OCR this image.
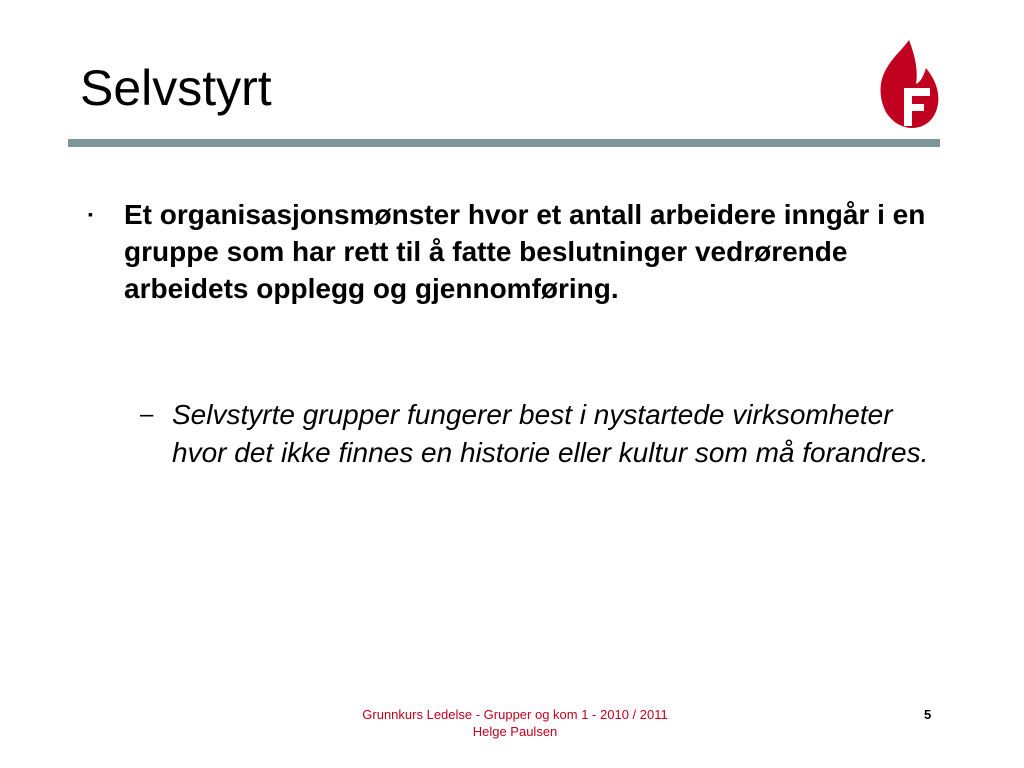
Selvstyrt
▪	Et organisasjonsmønster hvor et antall arbeidere inngår i en gruppe som har rett til å fatte beslutninger vedrørende arbeidets opplegg og gjennomføring.
– Selvstyrte grupper fungerer best i nystartede virksomheter hvor det ikke finnes en historie eller kultur som må forandres.
Grunnkurs Ledelse - Grupper og kom 1 - 2010 / 2011
Helge Paulsen
5
